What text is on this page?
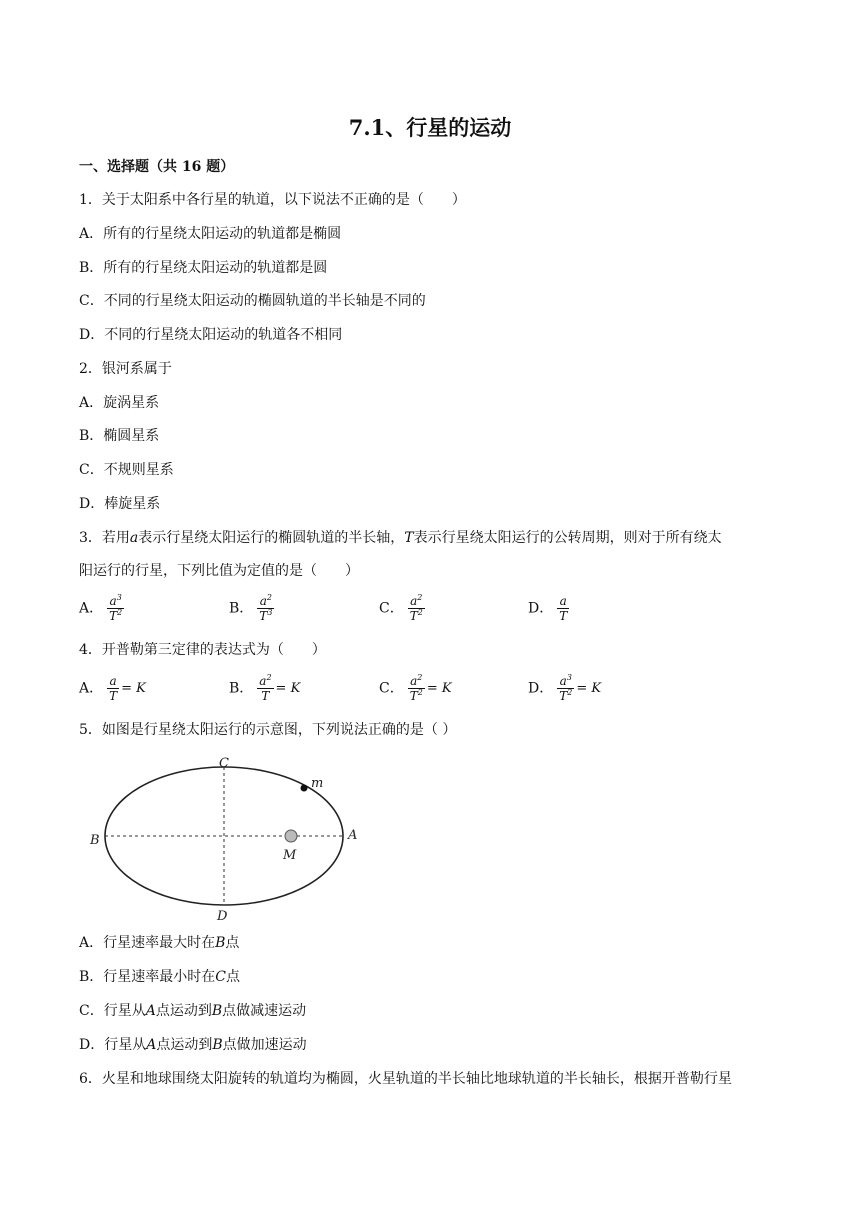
7.1、行星的运动
一、选择题（共 16 题）
1．关于太阳系中各行星的轨道，以下说法不正确的是（　　）
A．所有的行星绕太阳运动的轨道都是椭圆
B．所有的行星绕太阳运动的轨道都是圆
C．不同的行星绕太阳运动的椭圆轨道的半长轴是不同的
D．不同的行星绕太阳运动的轨道各不相同
2．银河系属于
A．旋涡星系
B．椭圆星系
C．不规则星系
D．棒旋星系
3．若用a表示行星绕太阳运行的椭圆轨道的半长轴，T表示行星绕太阳运行的公转周期，则对于所有绕太
阳运行的行星，下列比值为定值的是（　　）
A． $\frac{a^3}{T^2}$	B． $\frac{a^2}{T^3}$	C． $\frac{a^2}{T^2}$	D． $\frac{a}{T}$
4．开普勒第三定律的表达式为（　　）
A． $\frac{a}{T} = K$	B． $\frac{a^2}{T} = K$	C． $\frac{a^2}{T^2} = K$	D． $\frac{a^3}{T^2} = K$
5．如图是行星绕太阳运行的示意图，下列说法正确的是（ ）
C
D
A
B
M
m
A．行星速率最大时在B点
B．行星速率最小时在C点
C．行星从A点运动到B点做减速运动
D．行星从A点运动到B点做加速运动
6．火星和地球围绕太阳旋转的轨道均为椭圆，火星轨道的半长轴比地球轨道的半长轴长，根据开普勒行星
